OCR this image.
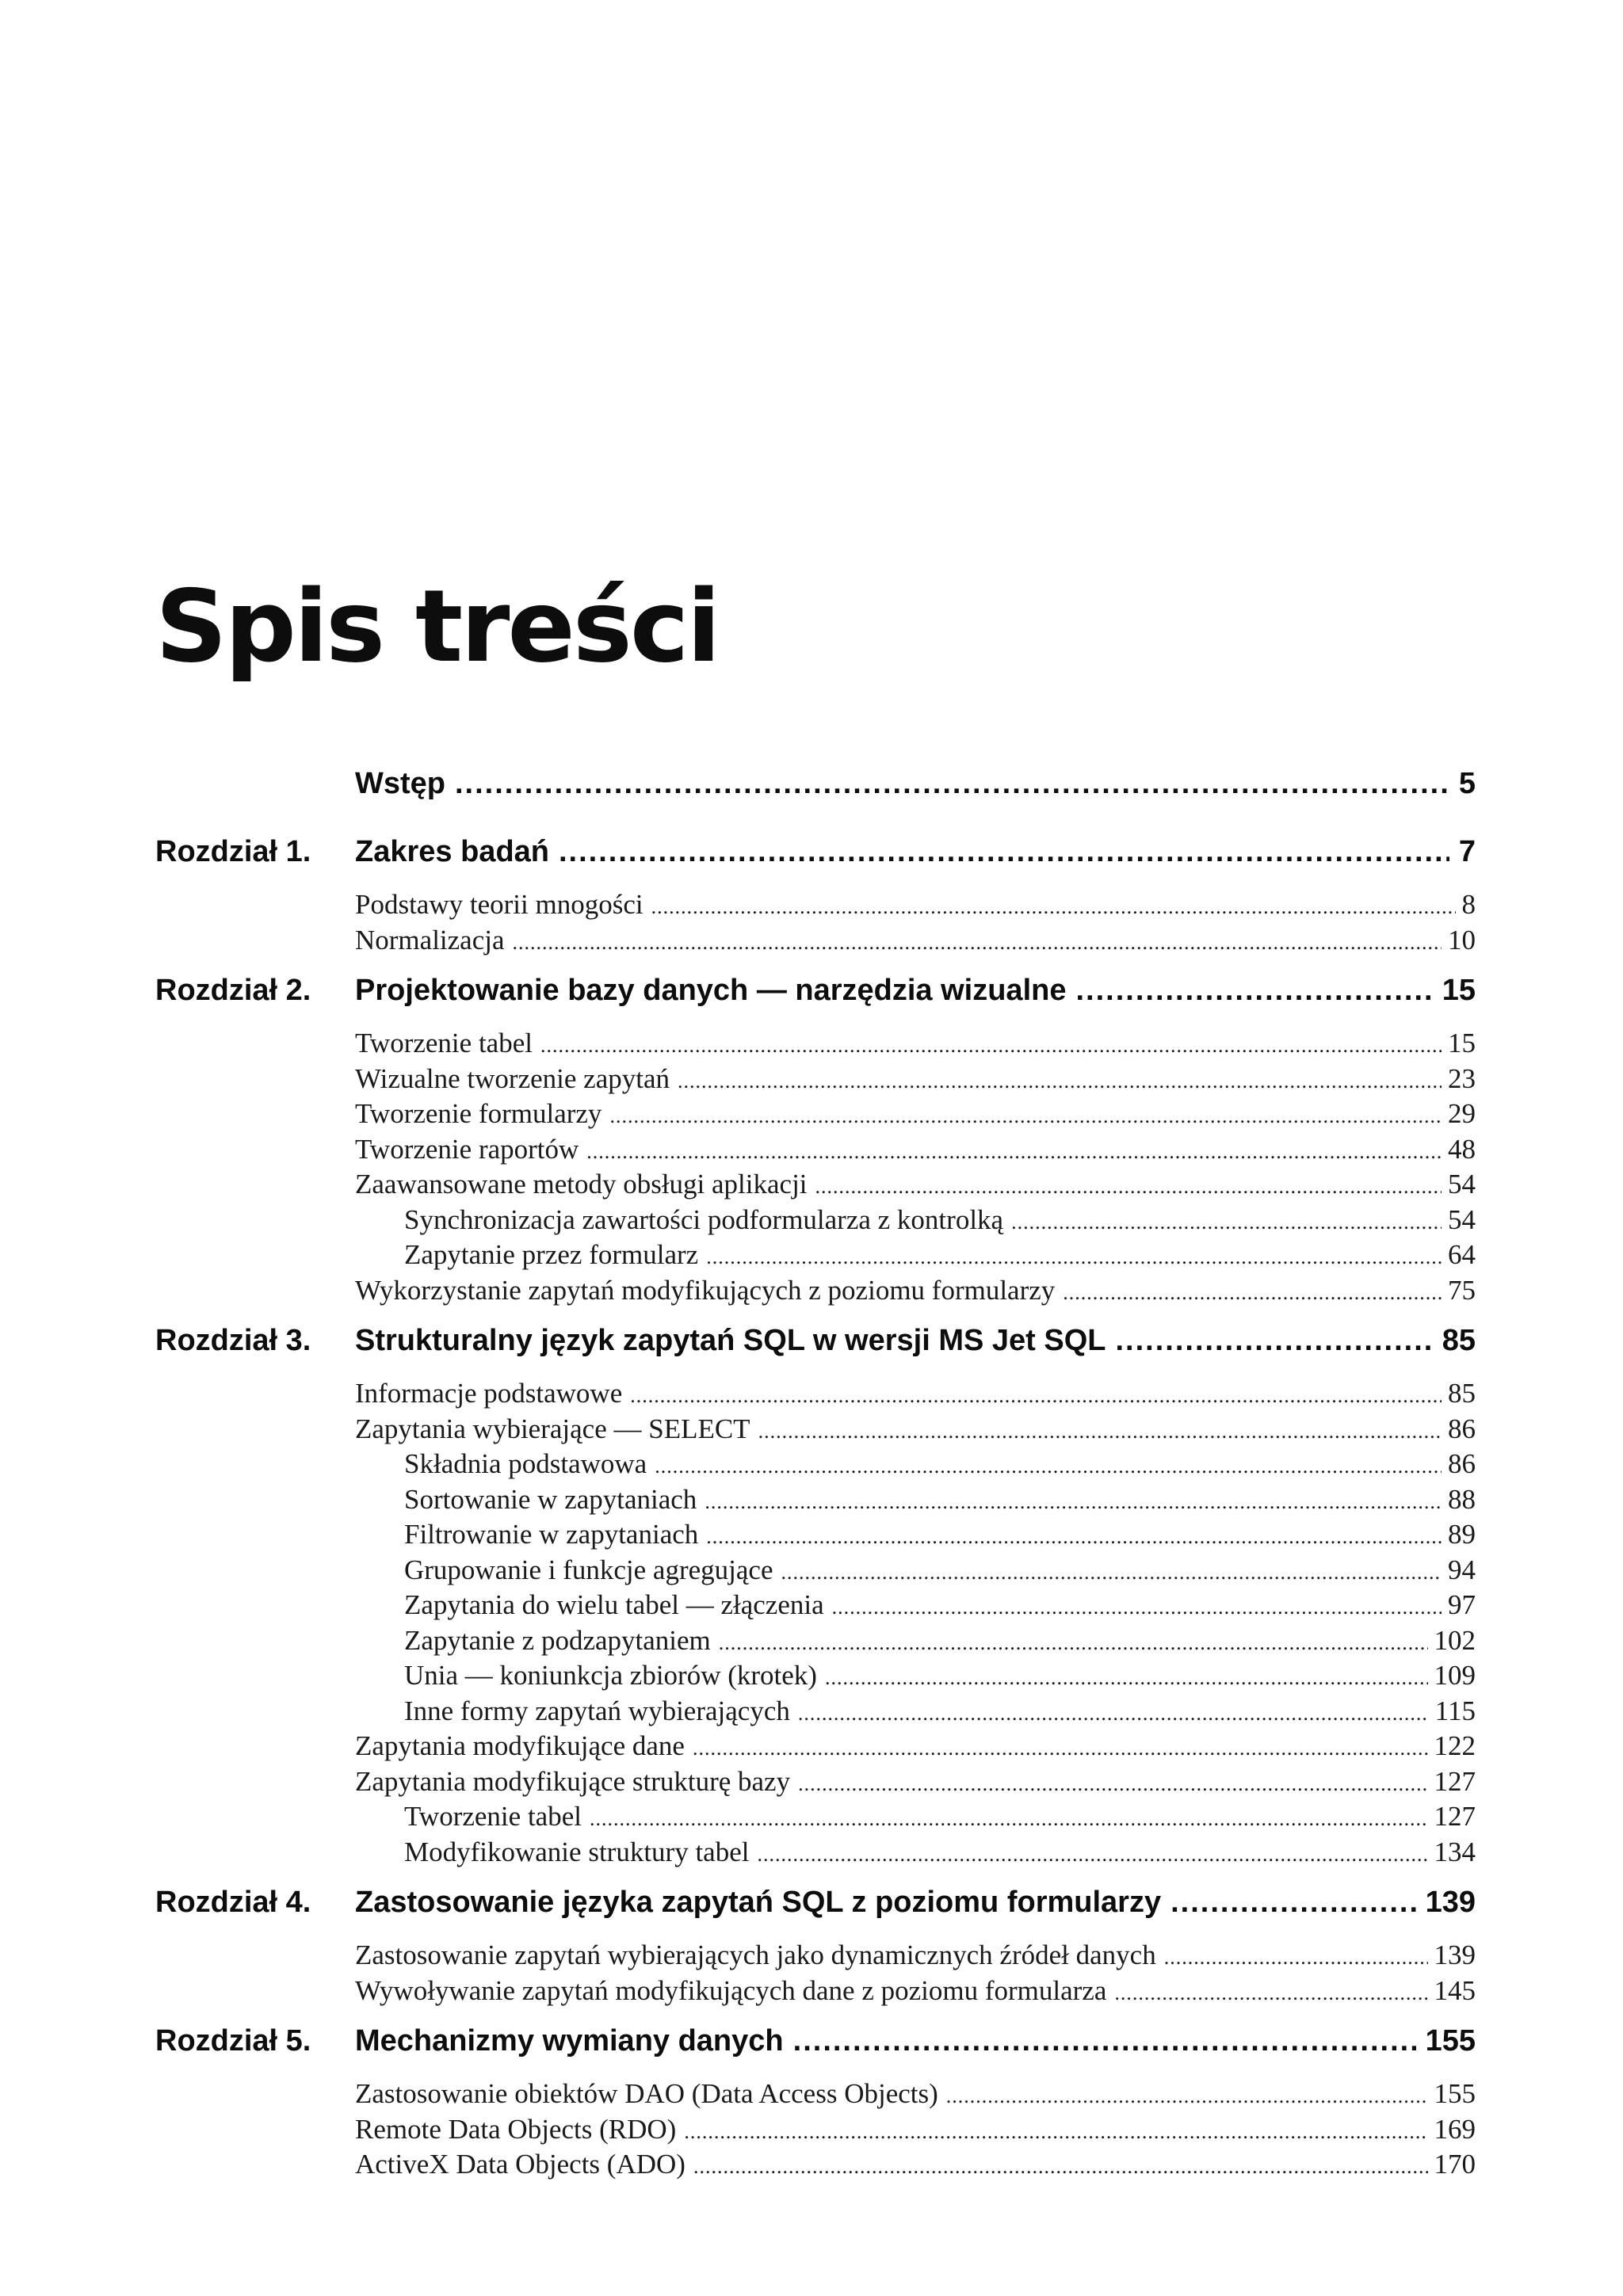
Spis treści
Wstęp .....	5
Rozdział 1.	Zakres badań .....	7
Podstawy teorii mnogości .....	8
Normalizacja .....	10
Rozdział 2.	Projektowanie bazy danych — narzędzia wizualne .....	15
Tworzenie tabel .....	15
Wizualne tworzenie zapytań .....	23
Tworzenie formularzy .....	29
Tworzenie raportów .....	48
Zaawansowane metody obsługi aplikacji .....	54
Synchronizacja zawartości podformularza z kontrolką .....	54
Zapytanie przez formularz .....	64
Wykorzystanie zapytań modyfikujących z poziomu formularzy .....	75
Rozdział 3.	Strukturalny język zapytań SQL w wersji MS Jet SQL .....	85
Informacje podstawowe .....	85
Zapytania wybierające — SELECT .....	86
Składnia podstawowa .....	86
Sortowanie w zapytaniach .....	88
Filtrowanie w zapytaniach .....	89
Grupowanie i funkcje agregujące .....	94
Zapytania do wielu tabel — złączenia .....	97
Zapytanie z podzapytaniem .....	102
Unia — koniunkcja zbiorów (krotek) .....	109
Inne formy zapytań wybierających .....	115
Zapytania modyfikujące dane .....	122
Zapytania modyfikujące strukturę bazy .....	127
Tworzenie tabel .....	127
Modyfikowanie struktury tabel .....	134
Rozdział 4.	Zastosowanie języka zapytań SQL z poziomu formularzy .....	139
Zastosowanie zapytań wybierających jako dynamicznych źródeł danych .....	139
Wywoływanie zapytań modyfikujących dane z poziomu formularza .....	145
Rozdział 5.	Mechanizmy wymiany danych .....	155
Zastosowanie obiektów DAO (Data Access Objects) .....	155
Remote Data Objects (RDO) .....	169
ActiveX Data Objects (ADO) .....	170
